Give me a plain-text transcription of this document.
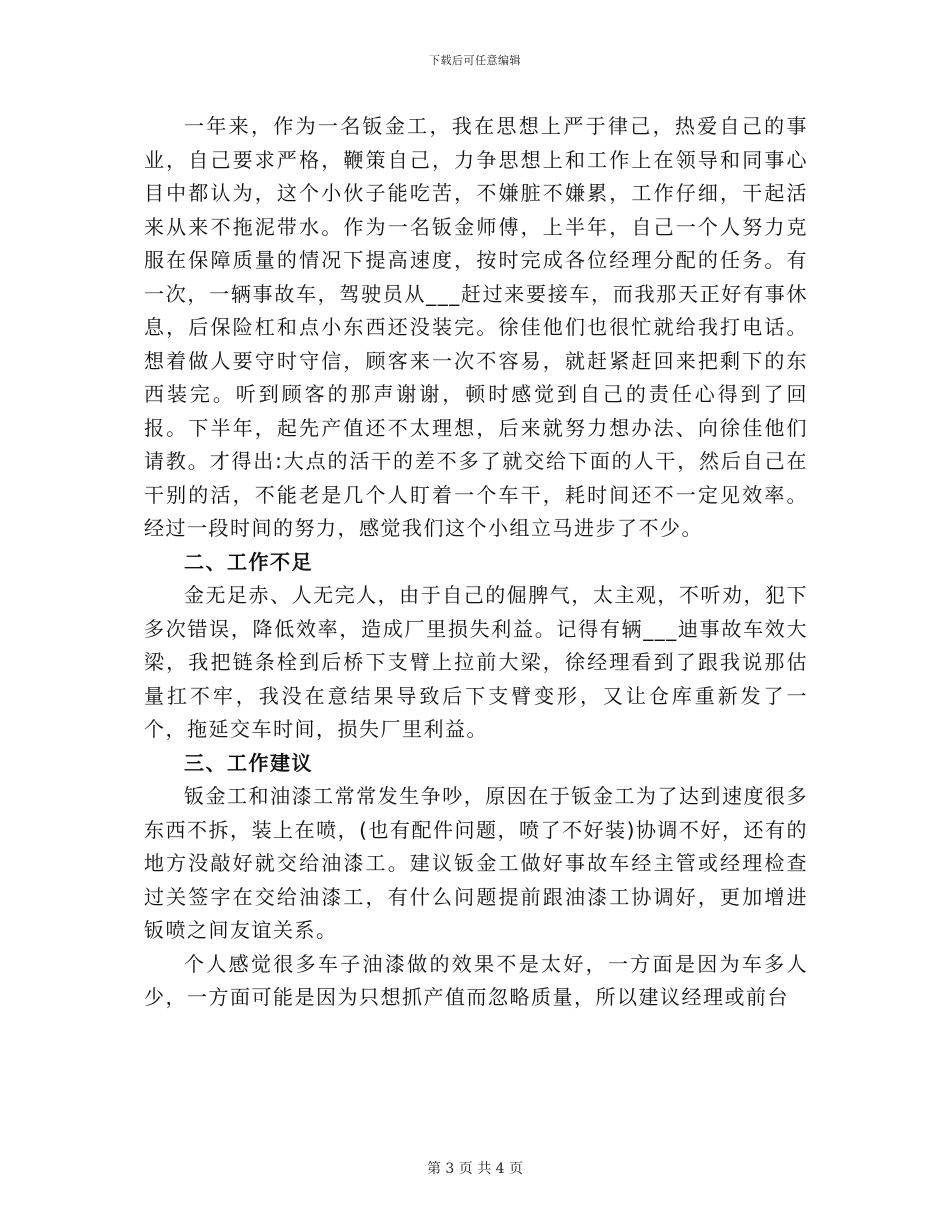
下载后可任意编辑

一年来，作为一名钣金工，我在思想上严于律己，热爱自己的事业，自己要求严格，鞭策自己，力争思想上和工作上在领导和同事心目中都认为，这个小伙子能吃苦，不嫌脏不嫌累，工作仔细，干起活来从来不拖泥带水。作为一名钣金师傅，上半年，自己一个人努力克服在保障质量的情况下提高速度，按时完成各位经理分配的任务。有一次，一辆事故车，驾驶员从___赶过来要接车，而我那天正好有事休息，后保险杠和点小东西还没装完。徐佳他们也很忙就给我打电话。想着做人要守时守信，顾客来一次不容易，就赶紧赶回来把剩下的东西装完。听到顾客的那声谢谢，顿时感觉到自己的责任心得到了回报。下半年，起先产值还不太理想，后来就努力想办法、向徐佳他们请教。才得出:大点的活干的差不多了就交给下面的人干，然后自己在干别的活，不能老是几个人盯着一个车干，耗时间还不一定见效率。经过一段时间的努力，感觉我们这个小组立马进步了不少。

二、工作不足

金无足赤、人无完人，由于自己的倔脾气，太主观，不听劝，犯下多次错误，降低效率，造成厂里损失利益。记得有辆___迪事故车效大梁，我把链条栓到后桥下支臂上拉前大梁，徐经理看到了跟我说那估量扛不牢，我没在意结果导致后下支臂变形，又让仓库重新发了一个，拖延交车时间，损失厂里利益。

三、工作建议

钣金工和油漆工常常发生争吵，原因在于钣金工为了达到速度很多东西不拆，装上在喷，(也有配件问题，喷了不好装)协调不好，还有的地方没敲好就交给油漆工。建议钣金工做好事故车经主管或经理检查过关签字在交给油漆工，有什么问题提前跟油漆工协调好，更加增进钣喷之间友谊关系。

个人感觉很多车子油漆做的效果不是太好，一方面是因为车多人少，一方面可能是因为只想抓产值而忽略质量，所以建议经理或前台

第 3 页 共 4 页
